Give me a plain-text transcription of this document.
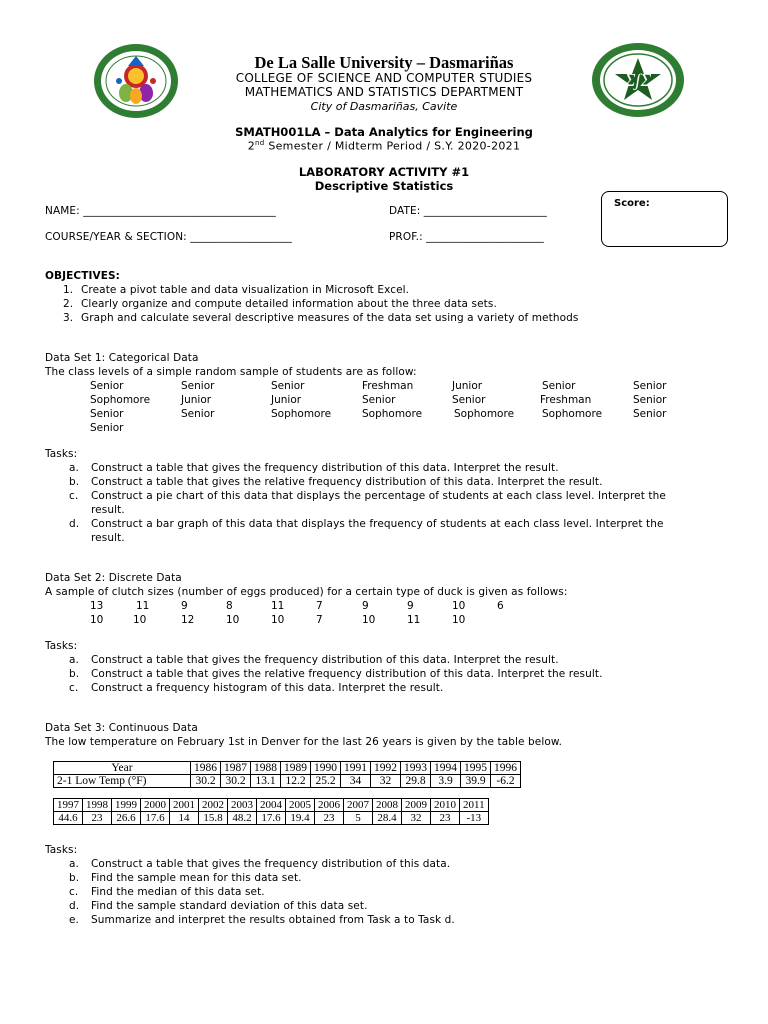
ΣʃΣ
De La Salle University – Dasmariñas
COLLEGE OF SCIENCE AND COMPUTER STUDIES
MATHEMATICS AND STATISTICS DEPARTMENT
City of Dasmariñas, Cavite
SMATH001LA – Data Analytics for Engineering
2nd Semester / Midterm Period / S.Y. 2020-2021
LABORATORY ACTIVITY #1
Descriptive Statistics
NAME: ____________________________________	DATE: _______________________
COURSE/YEAR & SECTION: ___________________	PROF.: ______________________
Score:
OBJECTIVES:
1. Create a pivot table and data visualization in Microsoft Excel.
2. Clearly organize and compute detailed information about the three data sets.
3. Graph and calculate several descriptive measures of the data set using a variety of methods
Data Set 1: Categorical Data
The class levels of a simple random sample of students are as follow:
Senior	Senior	Senior	Freshman	Junior	Senior	Senior
Sophomore	Junior	Junior	Senior	Senior	Freshman	Senior
Senior	Senior	Sophomore	Sophomore	Sophomore	Sophomore	Senior
Senior
Tasks:
a. Construct a table that gives the frequency distribution of this data. Interpret the result.
b. Construct a table that gives the relative frequency distribution of this data. Interpret the result.
c. Construct a pie chart of this data that displays the percentage of students at each class level. Interpret the
result.
d. Construct a bar graph of this data that displays the frequency of students at each class level. Interpret the
result.
Data Set 2: Discrete Data
A sample of clutch sizes (number of eggs produced) for a certain type of duck is given as follows:
13	11	9	8	11	7	9	9	10	6
10	10	12	10	10	7	10	11	10
Tasks:
a. Construct a table that gives the frequency distribution of this data. Interpret the result.
b. Construct a table that gives the relative frequency distribution of this data. Interpret the result.
c. Construct a frequency histogram of this data. Interpret the result.
Data Set 3: Continuous Data
The low temperature on February 1st in Denver for the last 26 years is given by the table below.
Year	1986	1987	1988	1989	1990	1991	1992	1993	1994	1995	1996
2-1 Low Temp (°F)	30.2	30.2	13.1	12.2	25.2	34	32	29.8	3.9	39.9	-6.2
1997	1998	1999	2000	2001	2002	2003	2004	2005	2006	2007	2008	2009	2010	2011
44.6	23	26.6	17.6	14	15.8	48.2	17.6	19.4	23	5	28.4	32	23	-13
Tasks:
a. Construct a table that gives the frequency distribution of this data.
b. Find the sample mean for this data set.
c. Find the median of this data set.
d. Find the sample standard deviation of this data set.
e. Summarize and interpret the results obtained from Task a to Task d.
